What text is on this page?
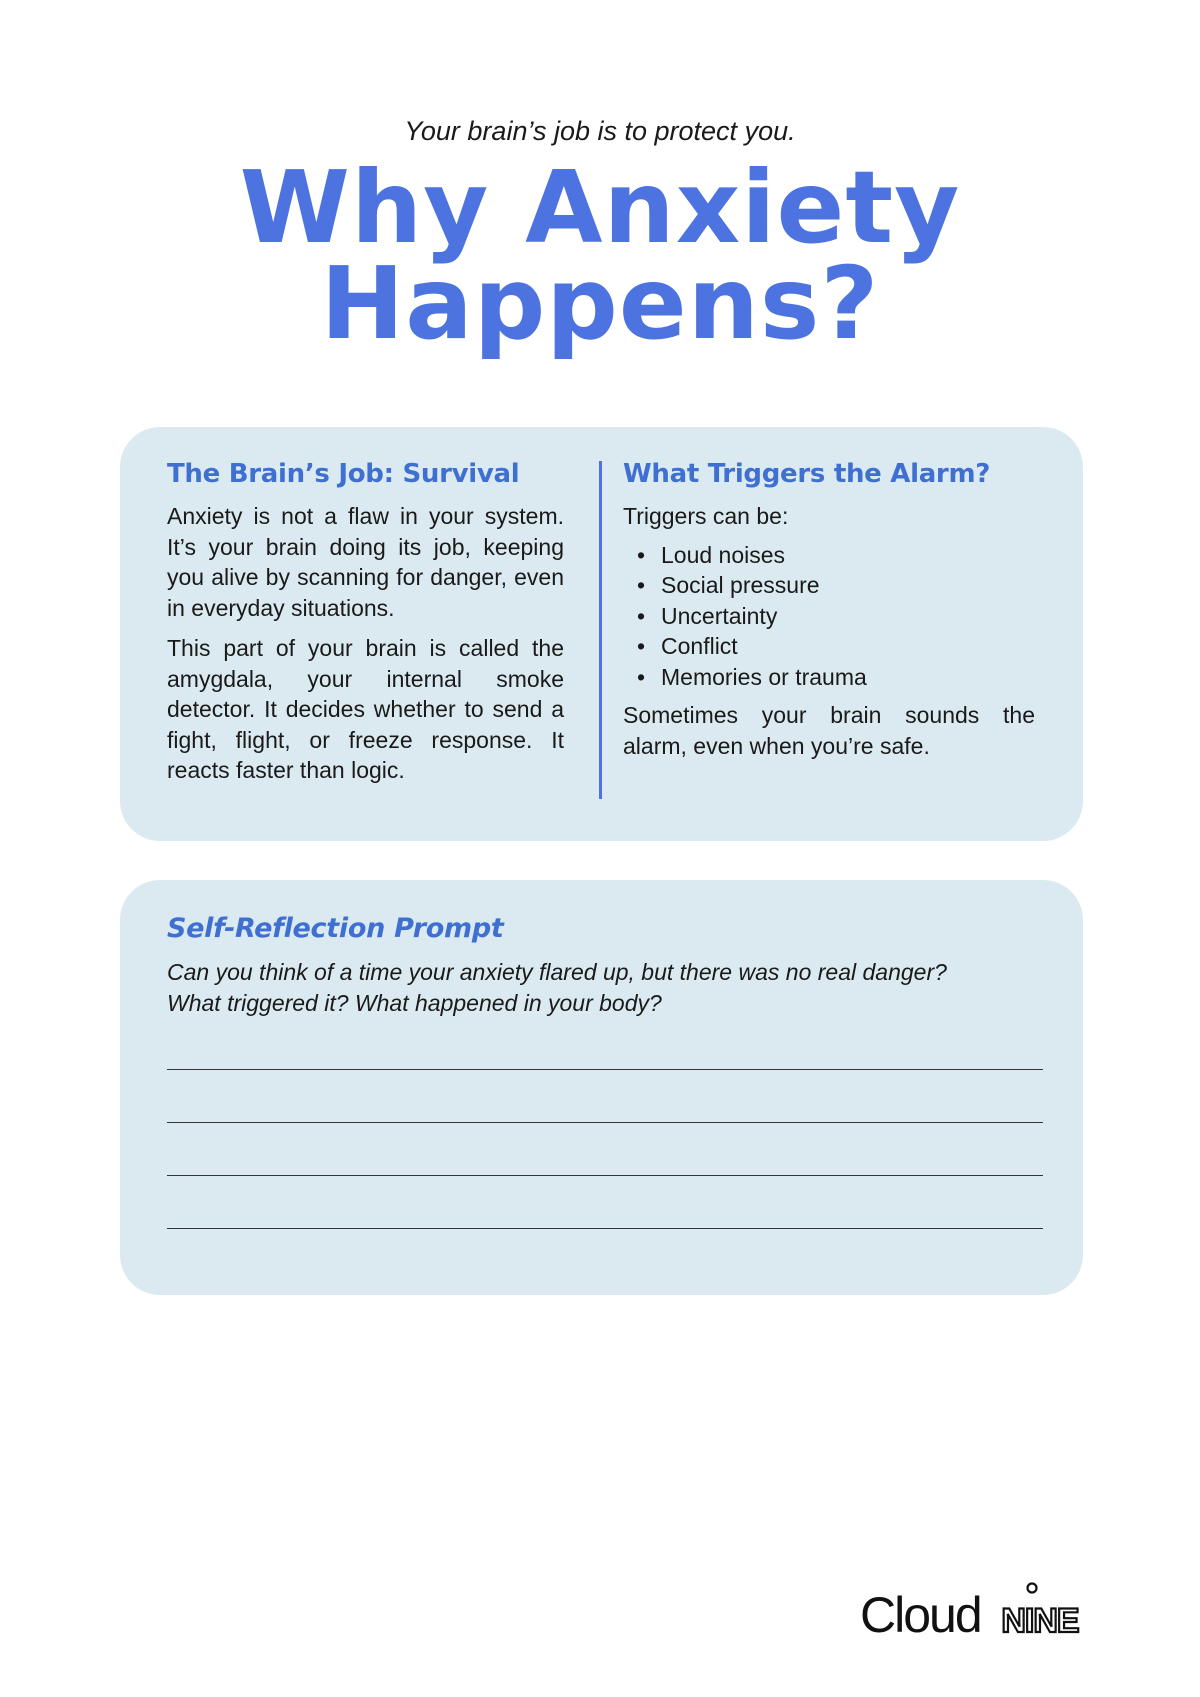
Your brain’s job is to protect you.
Why Anxiety
Happens?
The Brain’s Job: Survival
Anxiety is not a flaw in your system. It’s your brain doing its job, keeping you alive by scanning for danger, even in everyday situations.
This part of your brain is called the amygdala, your internal smoke detector. It decides whether to send a fight, flight, or freeze response. It reacts faster than logic.
What Triggers the Alarm?
Triggers can be:
• Loud noises
• Social pressure
• Uncertainty
• Conflict
• Memories or trauma
Sometimes your brain sounds the alarm, even when you’re safe.
Self-Reflection Prompt
Can you think of a time your anxiety flared up, but there was no real danger?
What triggered it? What happened in your body?
Cloud NINE
